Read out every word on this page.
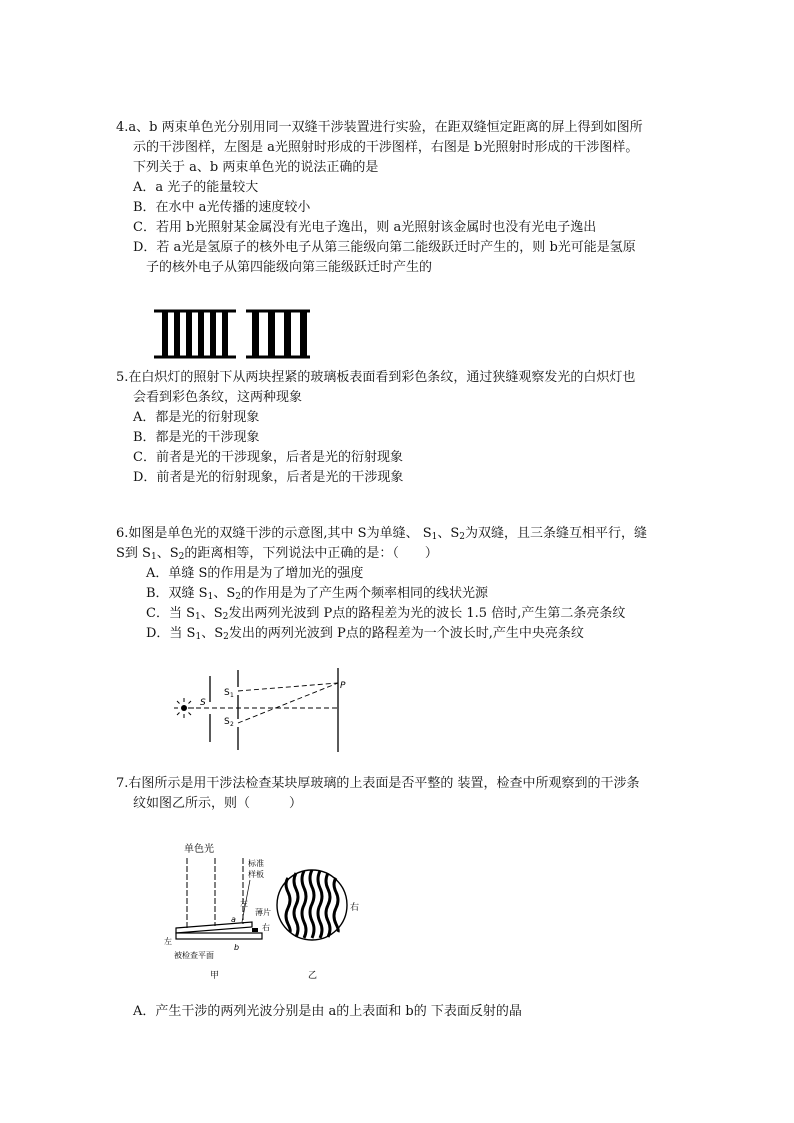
4.a、b 两束单色光分别用同一双缝干涉装置进行实验，在距双缝恒定距离的屏上得到如图所

示的干涉图样，左图是 a光照射时形成的干涉图样，右图是 b光照射时形成的干涉图样。

下列关于 a、b 两束单色光的说法正确的是

A．a 光子的能量较大

B．在水中 a光传播的速度较小

C．若用 b光照射某金属没有光电子逸出，则 a光照射该金属时也没有光电子逸出

D．若 a光是氢原子的核外电子从第三能级向第二能级跃迁时产生的，则 b光可能是氢原

子的核外电子从第四能级向第三能级跃迁时产生的

5.在白炽灯的照射下从两块捏紧的玻璃板表面看到彩色条纹，通过狭缝观察发光的白炽灯也

会看到彩色条纹，这两种现象

A．都是光的衍射现象

B．都是光的干涉现象

C．前者是光的干涉现象，后者是光的衍射现象

D．前者是光的衍射现象，后者是光的干涉现象

6.如图是单色光的双缝干涉的示意图,其中 S为单缝、 $S_1$、$S_2$为双缝，且三条缝互相平行，缝

S到 $S_1$、$S_2$的距离相等，下列说法中正确的是：（　　）

A．单缝 S的作用是为了增加光的强度

B．双缝 $S_1$、$S_2$的作用是为了产生两个频率相同的线状光源

C．当 $S_1$、$S_2$发出两列光波到 P点的路程差为光的波长 1.5 倍时,产生第二条亮条纹

D．当 $S_1$、$S_2$发出的两列光波到 P点的路程差为一个波长时,产生中央亮条纹

S
S 1
S 2
P

7.右图所示是用干涉法检查某块厚玻璃的上表面是否平整的 装置，检查中所观察到的干涉条

纹如图乙所示，则（　　　）

单色光
标准
样板
左
a
薄片
右
左
b
被检查平面
甲
右
乙

A．产生干涉的两列光波分别是由 a的上表面和 b的 下表面反射的晶
